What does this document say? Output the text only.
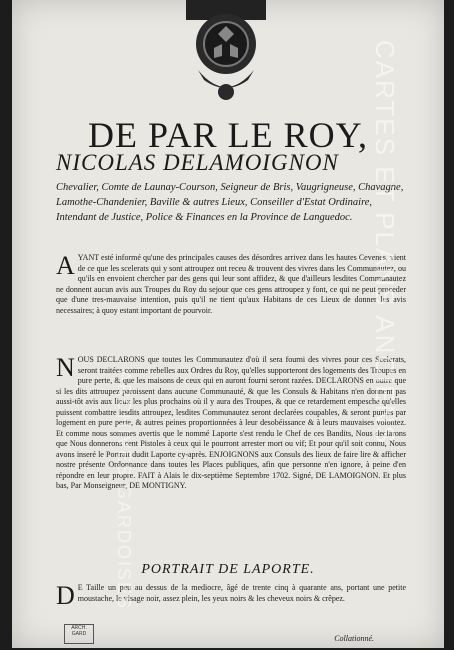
DE PAR LE ROY,
NICOLAS DELAMOIGNON
Chevalier, Comte de Launay-Courson, Seigneur de Bris, Vaugrigneuse, Chavagne, Lamothe-Chandenier, Baville & autres Lieux, Conseiller d'Estat Ordinaire, Intendant de Justice, Police & Finances en la Province de Languedoc.
AYANT esté informé qu'une des principales causes des désordres arrivez dans les hautes Cevenes, vient de ce que les scelerats qui y sont attroupez ont receu & trouvent des vivres dans les Communautez, ou qu'ils en envoient chercher par des gens qui leur sont affidez, & que d'ailleurs lesdites Communautez ne donnent aucun avis aux Troupes du Roy du sejour que ces gens attroupez y font, ce qui ne peut proceder que d'une tres-mauvaise intention, puis qu'il ne tient qu'aux Habitans de ces Lieux de donner les avis necessaires; à quoy estant important de pourvoir.
NOUS DECLARONS que toutes les Communautez d'où il sera fourni des vivres pour ces Scelerats, seront traitées comme rebelles aux Ordres du Roy, qu'elles supporteront des logements des Troupes en pure perte, & que les maisons de ceux qui en auront fourni seront razées. DECLARONS en outre que si les dits attroupez paroissent dans aucune Communauté, & que les Consuls & Habitans n'en donnent pas aussi-tôt avis aux lieux les plus prochains où il y aura des Troupes, & que ce retardement empesche qu'elles puissent combattre lesdits attroupez, lesdites Communautez seront declarées coupables, & seront punies par logement en pure perte, & autres peines proportionnées à leur desobéissance & à leurs mauvaises volontez. Et comme nous sommes avertis que le nommé Laporte s'est rendu le Chef de ces Bandits, Nous declarons que Nous donnerons cent Pistoles à ceux qui le pourront arrester mort ou vif; Et pour qu'il soit connu, Nous avons inseré le Portrait dudit Laporte cy-après. ENJOIGNONS aux Consuls des lieux de faire lire & afficher nostre présente Ordonnance dans toutes les Places publiques, afin que personne n'en ignore, à peine d'en répondre en leur propre. FAIT à Alais le dix-septième Septembre 1702. Signé, DE LAMOIGNON. Et plus bas, Par Monseigneur, DE MONTIGNY.
PORTRAIT DE LAPORTE.
D E Taille un peu au dessus de la mediocre, âgé de trente cinq à quarante ans, portant une petite moustache, le visage noir, assez plein, les yeux noirs & les cheveux noirs & crêpez.
ARCH. GARD	Collationné.
CARTES ET PLANS ANCIENS
ARCHIVES GARDOISES
